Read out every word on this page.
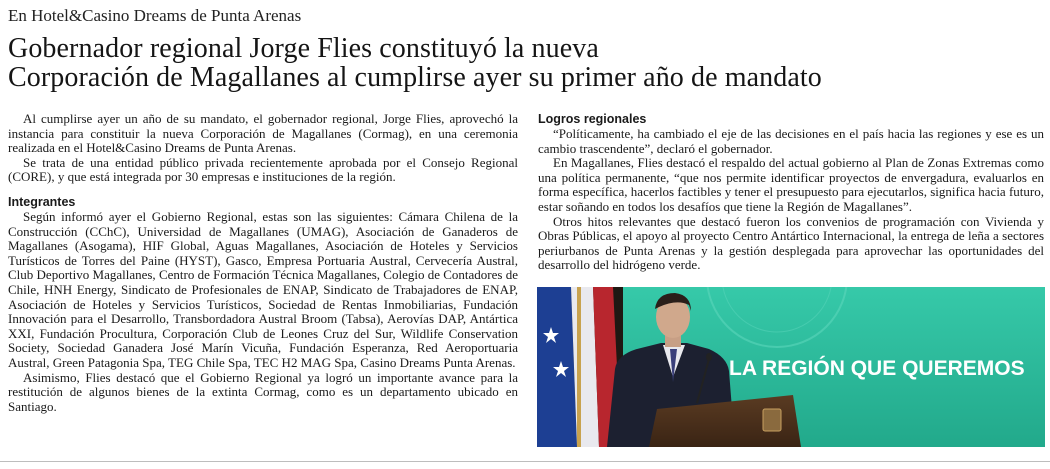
En Hotel&Casino Dreams de Punta Arenas
Gobernador regional Jorge Flies constituyó la nueva
Corporación de Magallanes al cumplirse ayer su primer año de mandato

Al cumplirse ayer un año de su mandato, el gobernador regional, Jorge Flies, aprovechó la instancia para constituir la nueva Corporación de Magallanes (Cormag), en una ceremonia realizada en el Hotel&Casino Dreams de Punta Arenas.

Se trata de una entidad público privada recientemente aprobada por el Consejo Regional (CORE), y que está integrada por 30 empresas e instituciones de la región.

Integrantes

Según informó ayer el Gobierno Regional, estas son las siguientes: Cámara Chilena de la Construcción (CChC), Universidad de Magallanes (UMAG), Asociación de Ganaderos de Magallanes (Asogama), HIF Global, Aguas Magallanes, Asociación de Hoteles y Servicios Turísticos de Torres del Paine (HYST), Gasco, Empresa Portuaria Austral, Cervecería Austral, Club Deportivo Magallanes, Centro de Formación Técnica Magallanes, Colegio de Contadores de Chile, HNH Energy, Sindicato de Profesionales de ENAP, Sindicato de Trabajadores de ENAP, Asociación de Hoteles y Servicios Turísticos, Sociedad de Rentas Inmobiliarias, Fundación Innovación para el Desarrollo, Transbordadora Austral Broom (Tabsa), Aerovías DAP, Antártica XXI, Fundación Procultura, Corporación Club de Leones Cruz del Sur, Wildlife Conservation Society, Sociedad Ganadera José Marín Vicuña, Fundación Esperanza, Red Aeroportuaria Austral, Green Patagonia Spa, TEG Chile Spa, TEC H2 MAG Spa, Casino Dreams Punta Arenas.

Asimismo, Flies destacó que el Gobierno Regional ya logró un importante avance para la restitución de algunos bienes de la extinta Cormag, como es un departamento ubicado en Santiago.

Logros regionales

“Políticamente, ha cambiado el eje de las decisiones en el país hacia las regiones y ese es un cambio trascendente”, declaró el gobernador.

En Magallanes, Flies destacó el respaldo del actual gobierno al Plan de Zonas Extremas como una política permanente, “que nos permite identificar proyectos de envergadura, evaluarlos en forma específica, hacerlos factibles y tener el presupuesto para ejecutarlos, significa hacia futuro, estar soñando en todos los desafíos que tiene la Región de Magallanes”.

Otros hitos relevantes que destacó fueron los convenios de programación con Vivienda y Obras Públicas, el apoyo al proyecto Centro Antártico Internacional, la entrega de leña a sectores periurbanos de Punta Arenas y la gestión desplegada para aprovechar las oportunidades del desarrollo del hidrógeno verde.

LA REGIÓN QUE QUEREMOS
